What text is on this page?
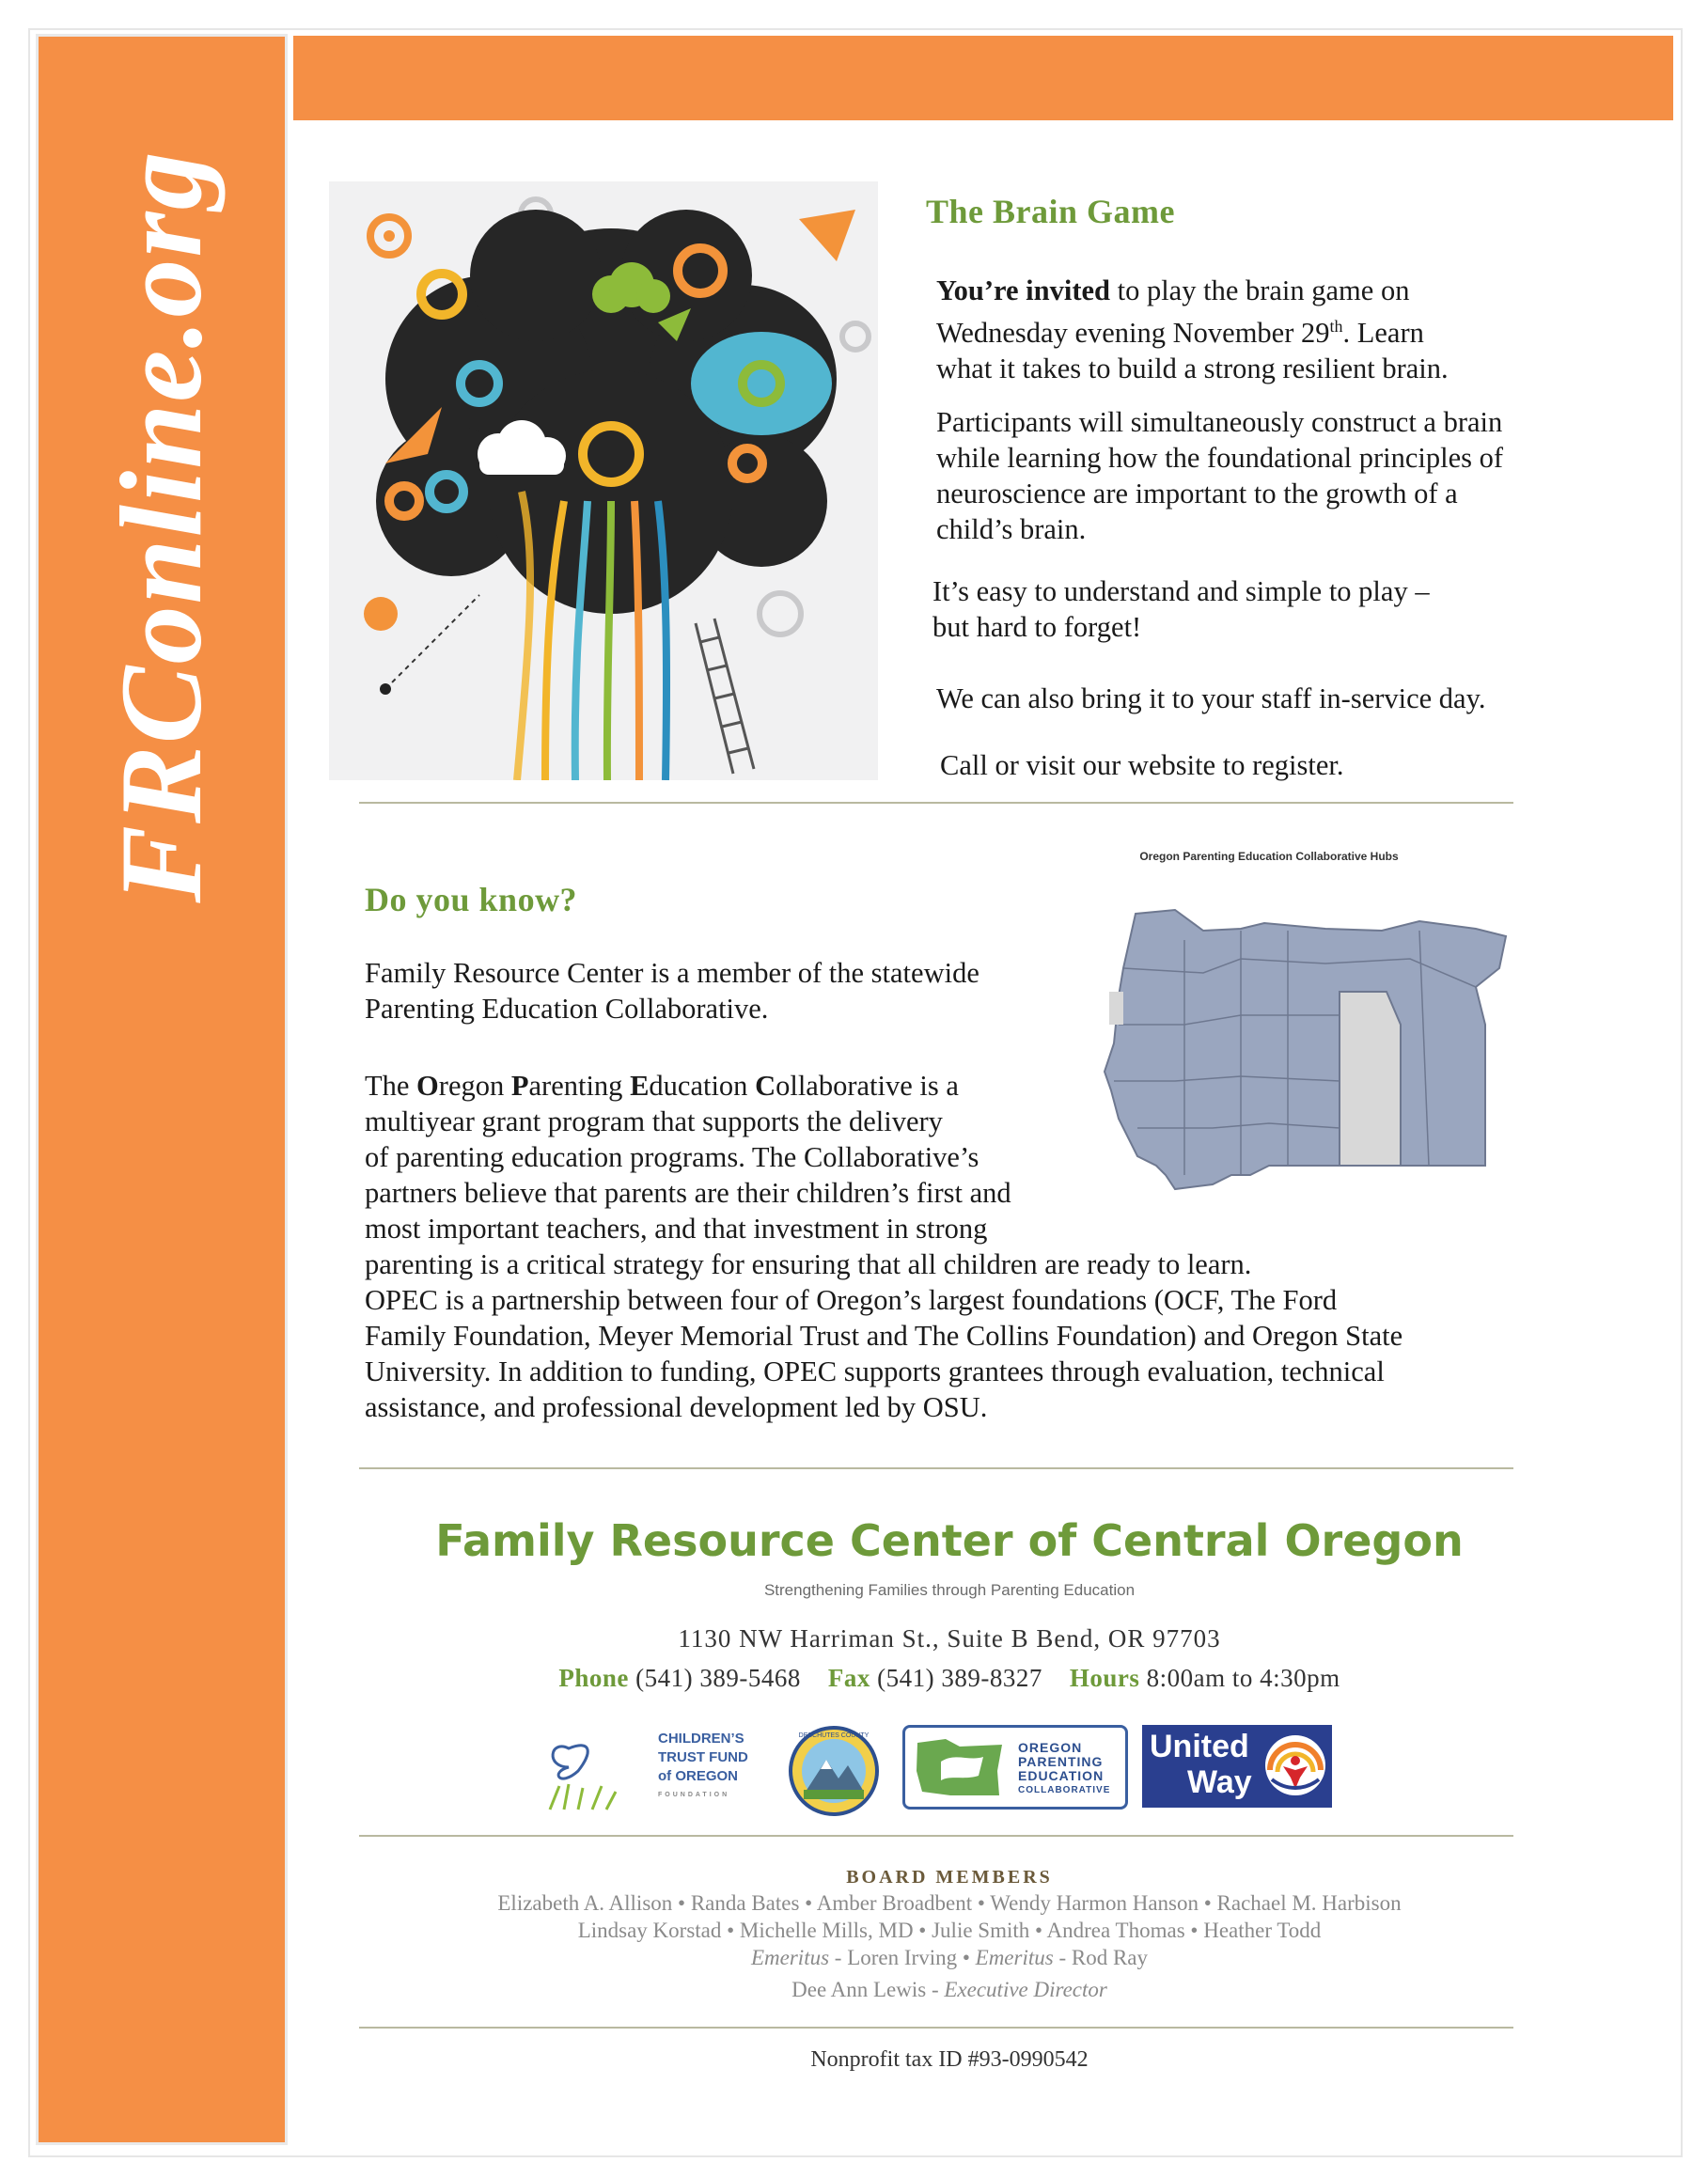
FRConline.org	The Brain Game

You’re invited to play the brain game on

Wednesday evening November 29th. Learn

what it takes to build a strong resilient brain.

Participants will simultaneously construct a brain

while learning how the foundational principles of

neuroscience are important to the growth of a

child’s brain.

It’s easy to understand and simple to play –

but hard to forget!

We can also bring it to your staff in-service day.
Call or visit our website to register.
Do you know?

Family Resource Center is a member of the statewide

Parenting Education Collaborative.

Oregon Parenting Education Collaborative Hubs

The Oregon Parenting Education Collaborative is a

multiyear grant program that supports the delivery

of parenting education programs. The Collaborative’s

partners believe that parents are their children’s first and

most important teachers, and that investment in strong

parenting is a critical strategy for ensuring that all children are ready to learn.

OPEC is a partnership between four of Oregon’s largest foundations (OCF, The Ford

Family Foundation, Meyer Memorial Trust and The Collins Foundation) and Oregon State

University. In addition to funding, OPEC supports grantees through evaluation, technical

assistance, and professional development led by OSU.

Family Resource Center of Central Oregon
Strengthening Families through Parenting Education
1130 NW Harriman St., Suite B Bend, OR 97703
Phone (541) 389-5468 Fax (541) 389-8327 Hours 8:00am to 4:30pm
CHILDREN’S
TRUST FUND
of OREGON
FOUNDATION
DESCHUTES COUNTY
OREGON
PARENTING
EDUCATION
COLLABORATIVE
United
Way
BOARD MEMBERS
Elizabeth A. Allison • Randa Bates • Amber Broadbent • Wendy Harmon Hanson • Rachael M. Harbison
Lindsay Korstad • Michelle Mills, MD • Julie Smith • Andrea Thomas • Heather Todd
Emeritus - Loren Irving • Emeritus - Rod Ray
Dee Ann Lewis - Executive Director
Nonprofit tax ID #93-0990542
